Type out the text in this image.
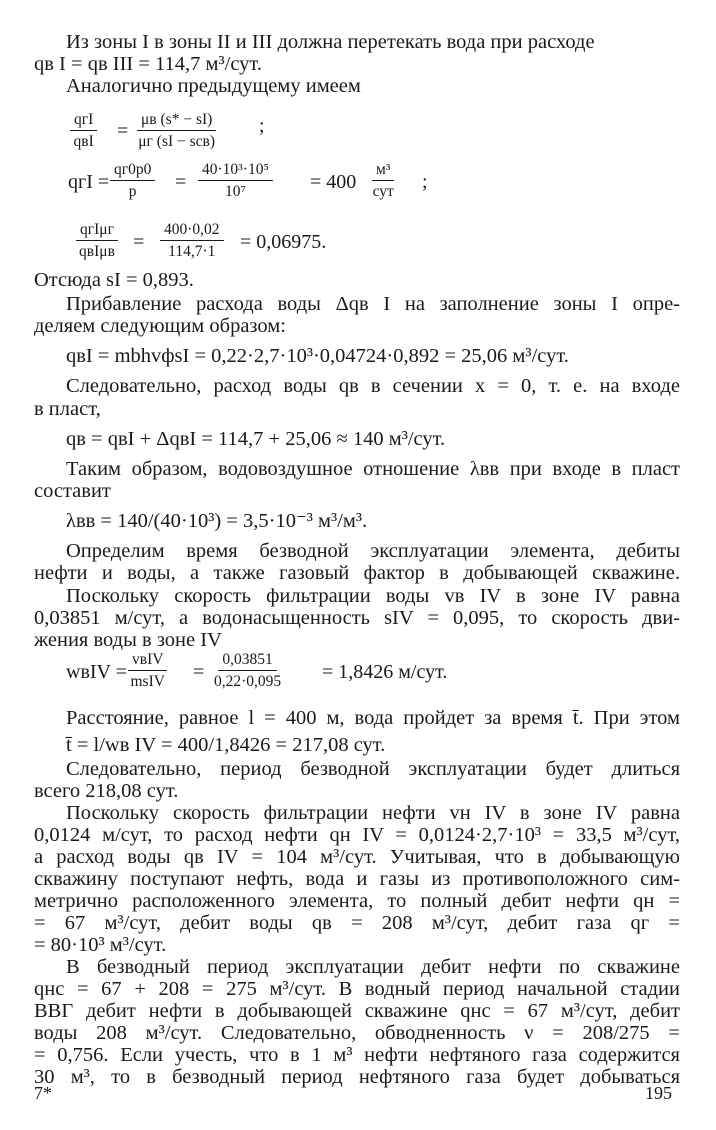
Из зоны I в зоны II и III должна перетекать вода при расходе
qв I = qв III = 114,7 м³/сут.
Аналогично предыдущему имеем
qгI
qвI =
μв (s* − sI)
μг (sI − sсв)
;
qгI =
qг0p0
$p = \frac{\text{40·10³·10⁵}}{\text{10⁷}} = 400$
м³
сут ;
qгIμг
$qвI\mu в = \frac{400\cdot 0,02}{114,7\cdot 1} = 0,06975$.
Отсюда sI = 0,893.
Прибавление расхода воды Δqв I на заполнение зоны I опре-
деляем следующим образом:
qвI = mbhvфsI = 0,22·2,7·10³·0,04724·0,892 = 25,06 м³/сут.
Следовательно, расход воды qв в сечении x = 0, т. е. на входе
в пласт,
qв = qвI + ΔqвI = 114,7 + 25,06 ≈ 140 м³/сут.
Таким образом, водовоздушное отношение λвв при входе в пласт
составит
λвв = 140/(40·10³) = 3,5·10⁻³ м³/м³.
Определим время безводной эксплуатации элемента, дебиты
нефти и воды, а также газовый фактор в добывающей скважине.
Поскольку скорость фильтрации воды vв IV в зоне IV равна
0,03851 м/сут, а водонасыщенность sIV = 0,095, то скорость дви-
жения воды в зоне IV
wвIV =
vвIV
msIV = $\frac{0,03851}{0,22\cdot 0,095} = 1,8426$ м/сут.
Расстояние, равное l = 400 м, вода пройдет за время t̄. При этом
t̄ = l/wв IV = 400/1,8426 = 217,08 сут.
Следовательно, период безводной эксплуатации будет длиться
всего 218,08 сут.
Поскольку скорость фильтрации нефти vн IV в зоне IV равна
0,0124 м/сут, то расход нефти qн IV = 0,0124·2,7·10³ = 33,5 м³/сут,
а расход воды qв IV = 104 м³/сут. Учитывая, что в добывающую
скважину поступают нефть, вода и газы из противоположного сим-
метрично расположенного элемента, то полный дебит нефти qн =
= 67 м³/сут, дебит воды qв = 208 м³/сут, дебит газа qг =
= 80·10³ м³/сут.
В безводный период эксплуатации дебит нефти по скважине
qнс = 67 + 208 = 275 м³/сут. В водный период начальной стадии
ВВГ дебит нефти в добывающей скважине qнс = 67 м³/сут, дебит
воды 208 м³/сут. Следовательно, обводненность ν = 208/275 =
= 0,756. Если учесть, что в 1 м³ нефти нефтяного газа содержится
30 м³, то в безводный период нефтяного газа будет добываться
7*	195
